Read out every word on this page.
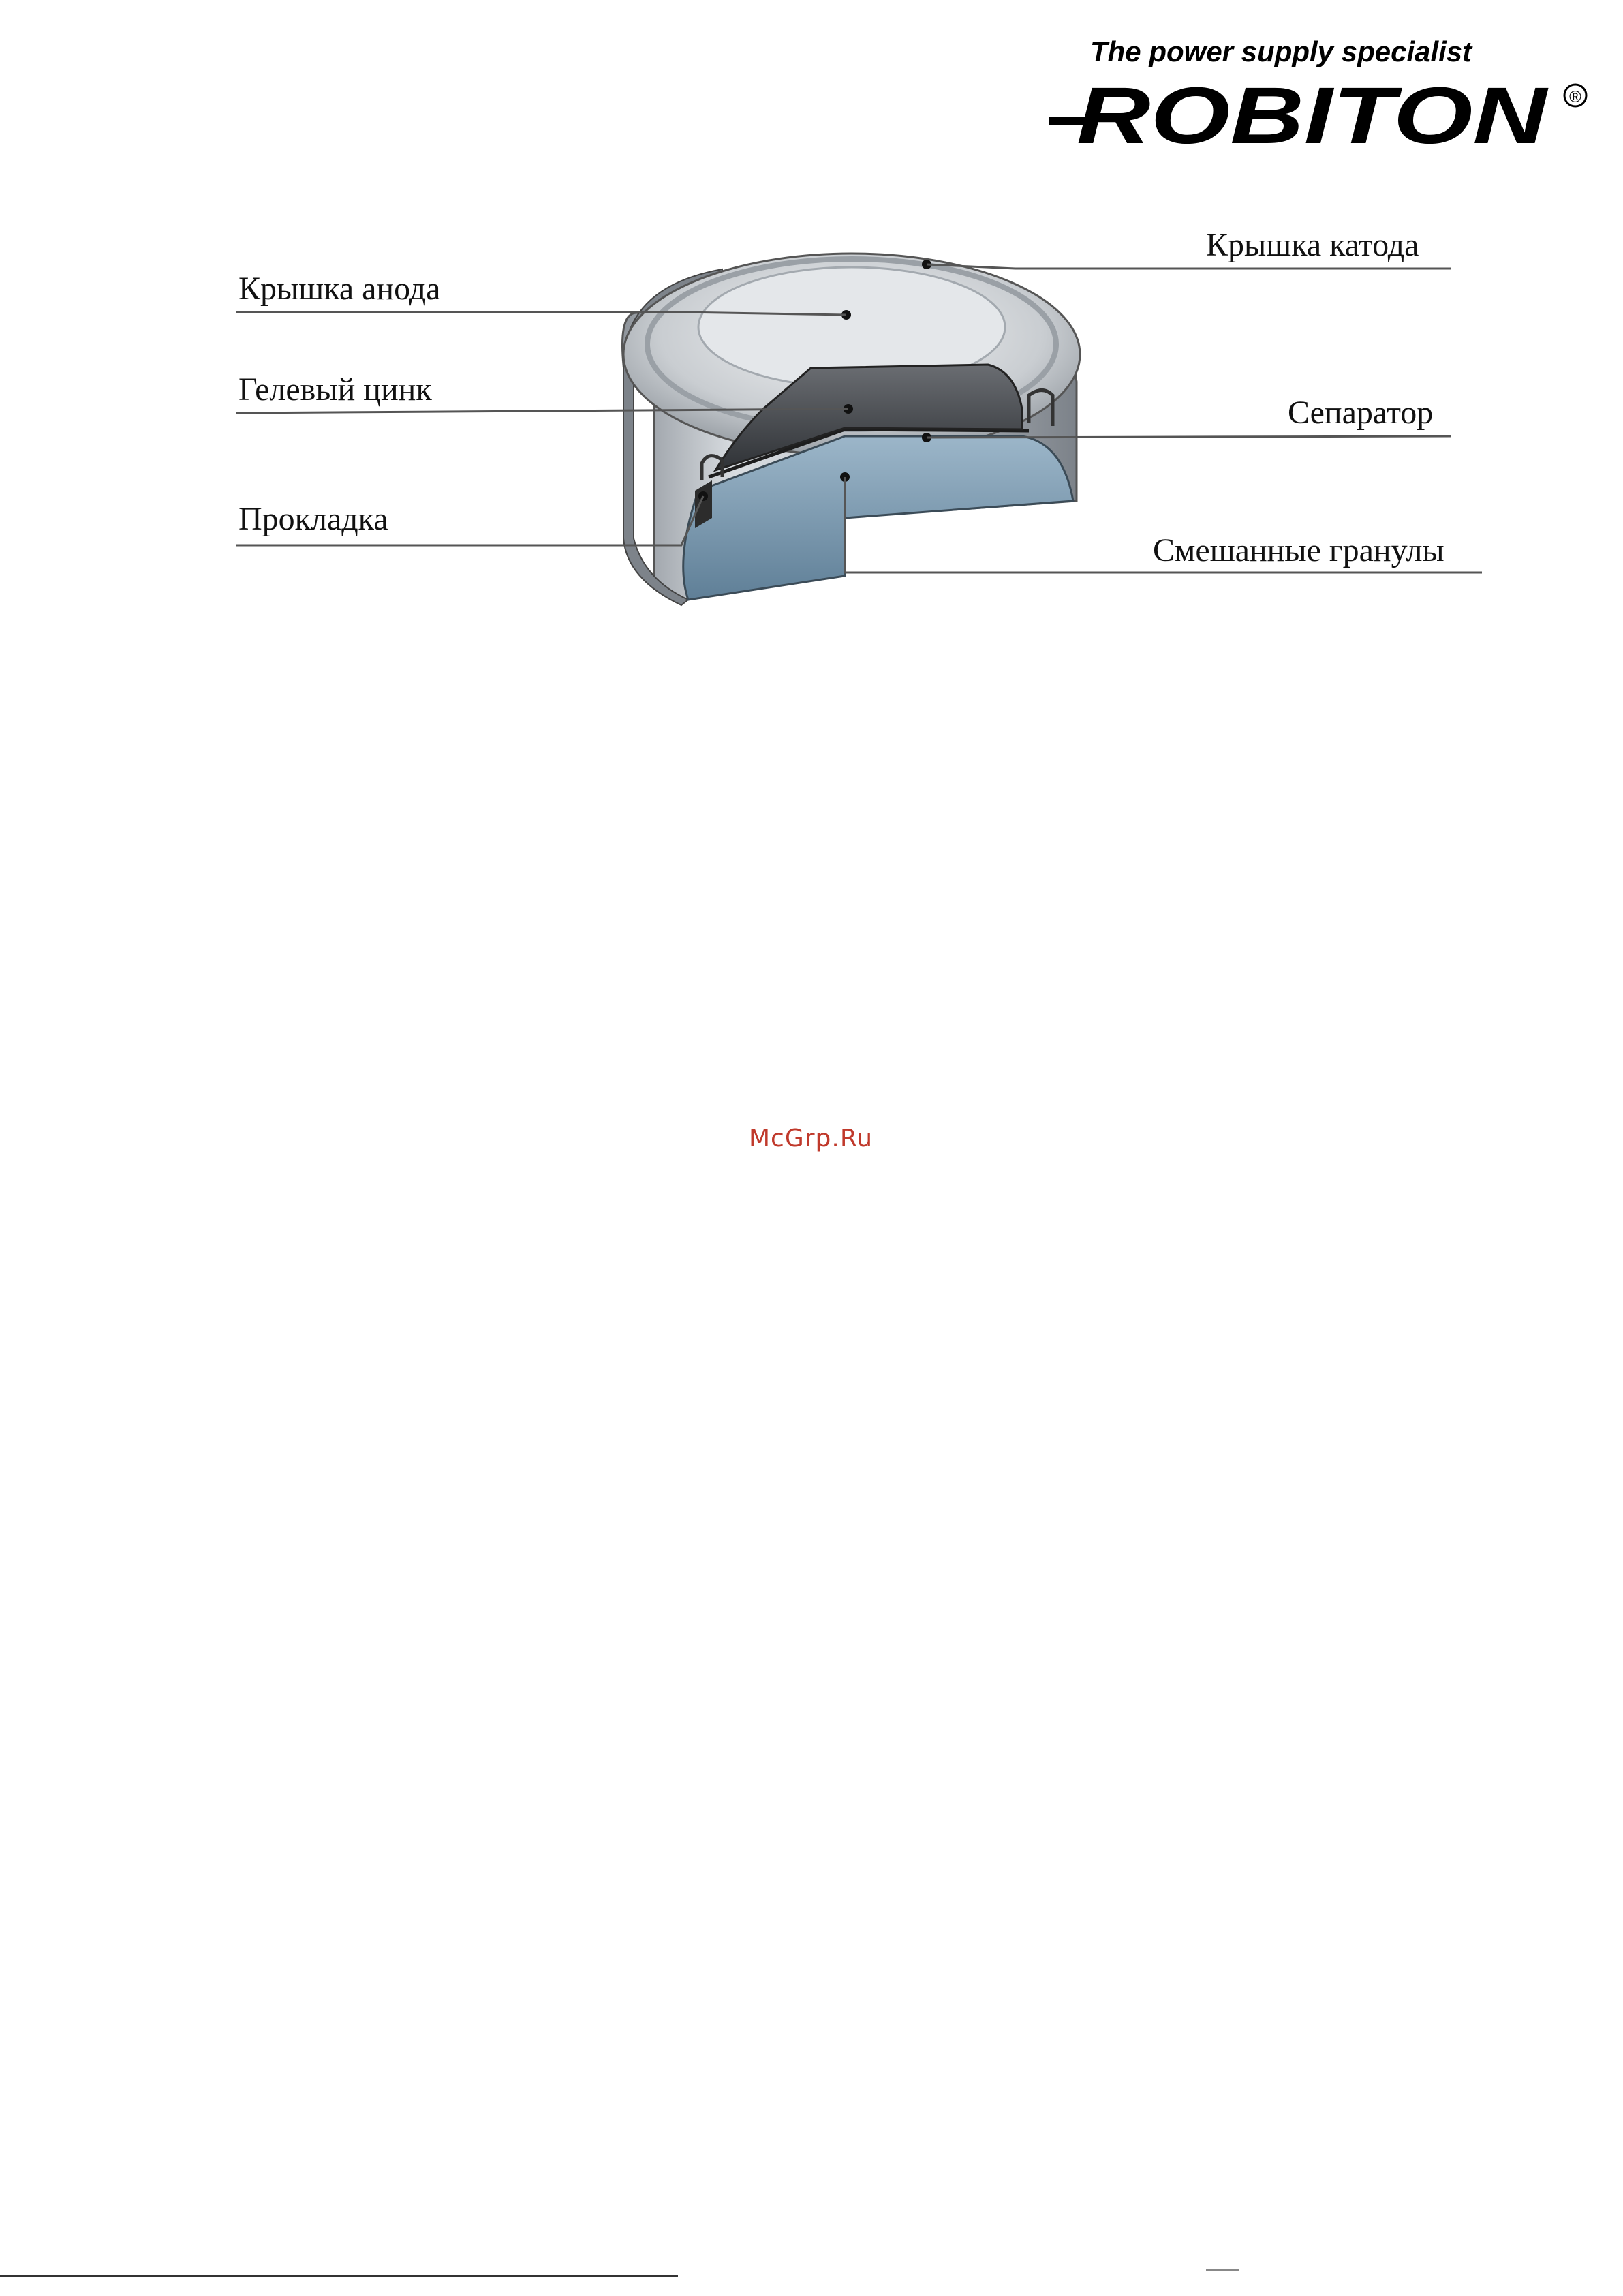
The power supply specialist
ROBITON ®
Крышка катода
Крышка анода
Гелевый цинк
Сепаратор
Прокладка
Смешанные гранулы
McGrp.Ru
